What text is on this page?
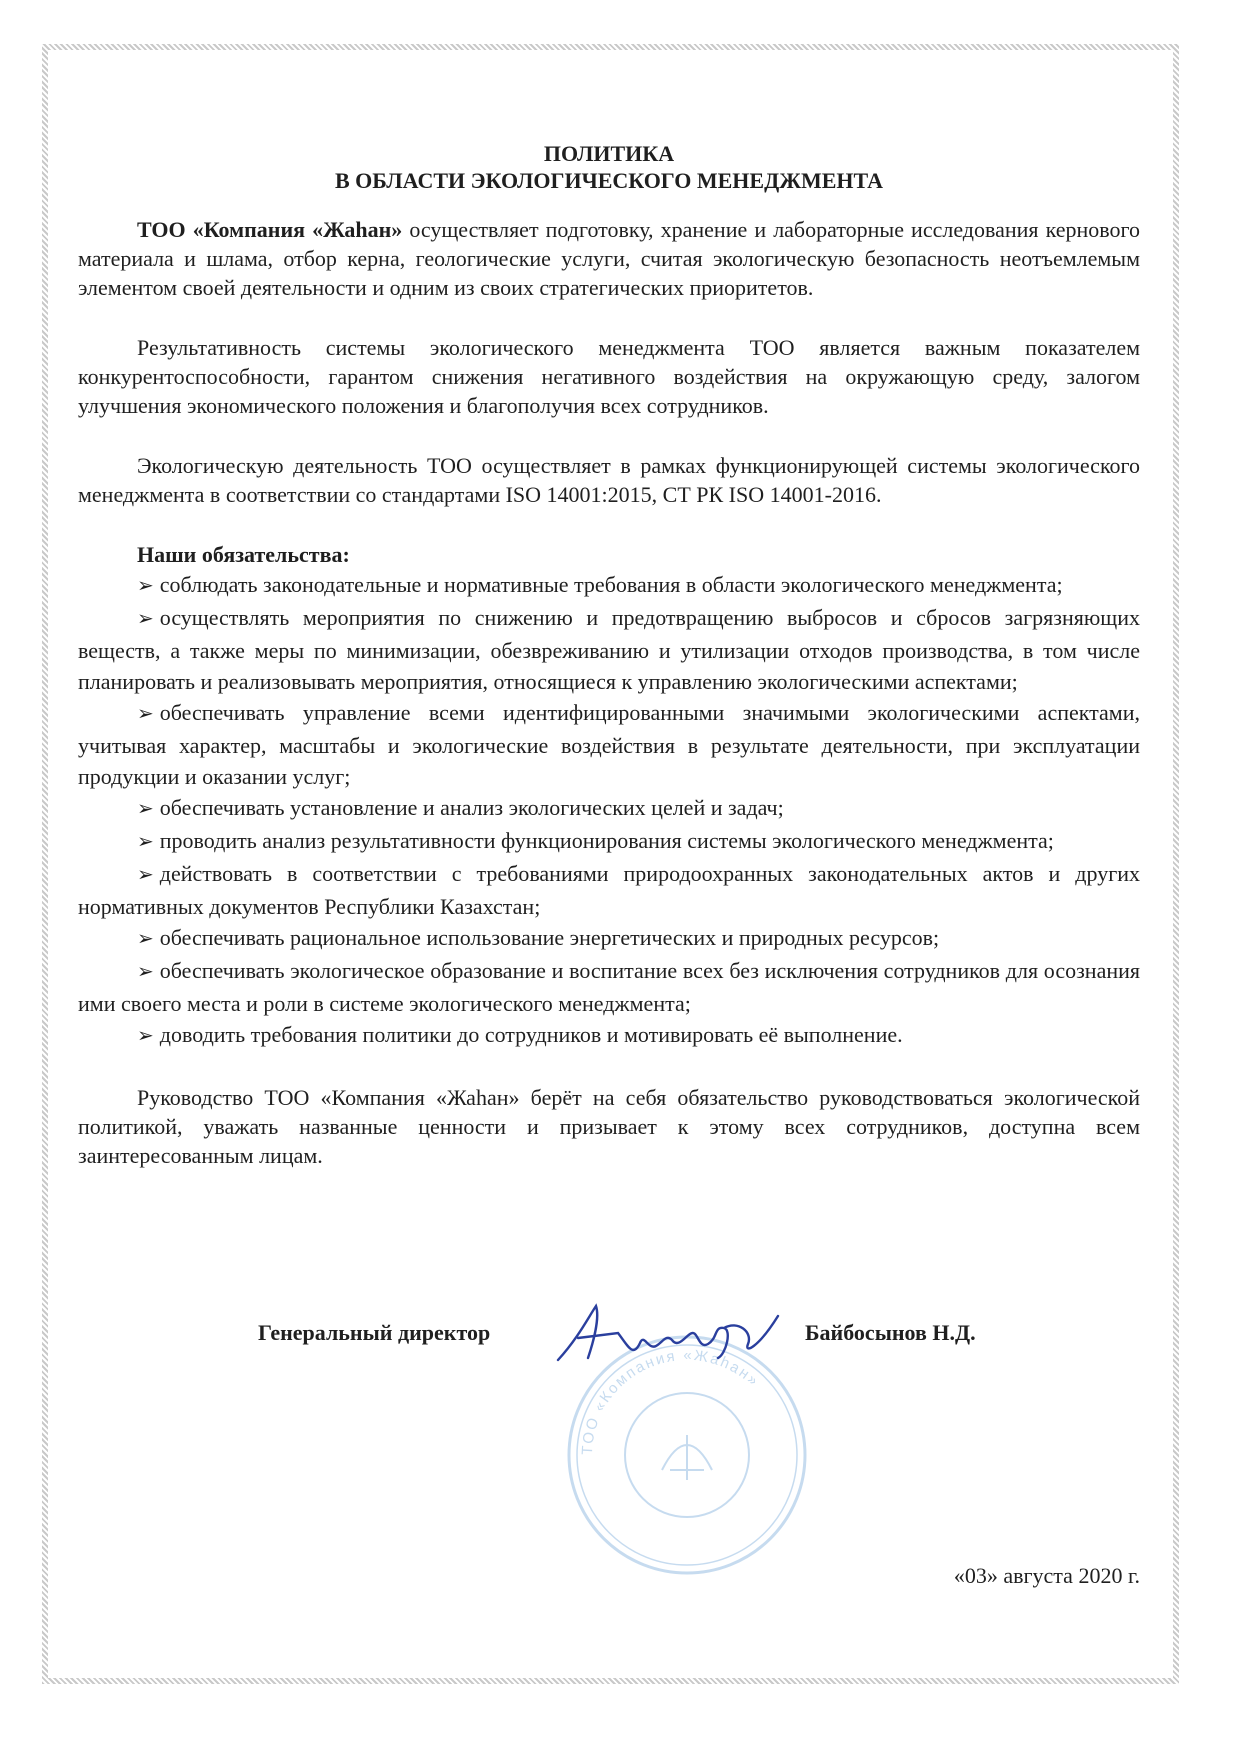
ПОЛИТИКА
В ОБЛАСТИ ЭКОЛОГИЧЕСКОГО МЕНЕДЖМЕНТА

ТОО «Компания «Жаhан» осуществляет подготовку, хранение и лабораторные исследования кернового материала и шлама, отбор керна, геологические услуги, считая экологическую безопасность неотъемлемым элементом своей деятельности и одним из своих стратегических приоритетов.

Результативность системы экологического менеджмента ТОО является важным показателем конкурентоспособности, гарантом снижения негативного воздействия на окружающую среду, залогом улучшения экономического положения и благополучия всех сотрудников.

Экологическую деятельность ТОО осуществляет в рамках функционирующей системы экологического менеджмента в соответствии со стандартами ISO 14001:2015, СТ РК ISO 14001-2016.

Наши обязательства:
➢ соблюдать законодательные и нормативные требования в области экологического менеджмента;
➢ осуществлять мероприятия по снижению и предотвращению выбросов и сбросов загрязняющих веществ, а также меры по минимизации, обезвреживанию и утилизации отходов производства, в том числе планировать и реализовывать мероприятия, относящиеся к управлению экологическими аспектами;
➢ обеспечивать управление всеми идентифицированными значимыми экологическими аспектами, учитывая характер, масштабы и экологические воздействия в результате деятельности, при эксплуатации продукции и оказании услуг;
➢ обеспечивать установление и анализ экологических целей и задач;
➢ проводить анализ результативности функционирования системы экологического менеджмента;
➢ действовать в соответствии с требованиями природоохранных законодательных актов и других нормативных документов Республики Казахстан;
➢ обеспечивать рациональное использование энергетических и природных ресурсов;
➢ обеспечивать экологическое образование и воспитание всех без исключения сотрудников для осознания ими своего места и роли в системе экологического менеджмента;
➢ доводить требования политики до сотрудников и мотивировать её выполнение.

Руководство ТОО «Компания «Жаhан» берёт на себя обязательство руководствоваться экологической политикой, уважать названные ценности и призывает к этому всех сотрудников, доступна всем заинтересованным лицам.

ТОО «Компания «Жаhан»
Генеральный директор	Байбосынов Н.Д.
«03» августа 2020 г.
